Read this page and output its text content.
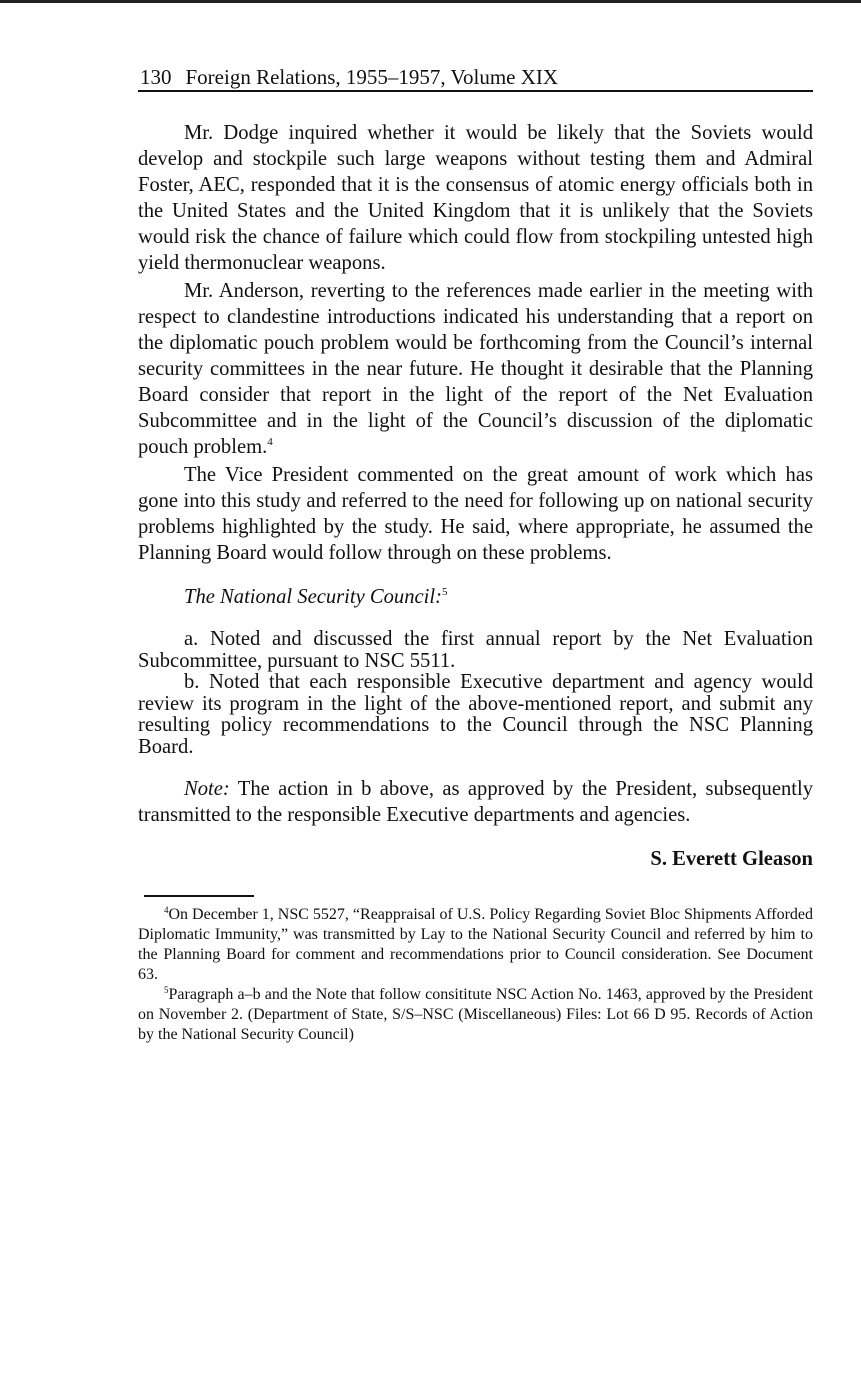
130 Foreign Relations, 1955–1957, Volume XIX

Mr. Dodge inquired whether it would be likely that the Soviets would develop and stockpile such large weapons without testing them and Admiral Foster, AEC, responded that it is the consensus of atomic energy officials both in the United States and the United Kingdom that it is unlikely that the Soviets would risk the chance of failure which could flow from stockpiling untested high yield thermonuclear weapons.

Mr. Anderson, reverting to the references made earlier in the meeting with respect to clandestine introductions indicated his understanding that a report on the diplomatic pouch problem would be forthcoming from the Council’s internal security committees in the near future. He thought it desirable that the Planning Board consider that report in the light of the report of the Net Evaluation Subcommittee and in the light of the Council’s discussion of the diplomatic pouch problem.$^4$

The Vice President commented on the great amount of work which has gone into this study and referred to the need for following up on national security problems highlighted by the study. He said, where appropriate, he assumed the Planning Board would follow through on these problems.

The National Security Council:$^5$

a. Noted and discussed the first annual report by the Net Evaluation Subcommittee, pursuant to NSC 5511.

b. Noted that each responsible Executive department and agency would review its program in the light of the above-mentioned report, and submit any resulting policy recommendations to the Council through the NSC Planning Board.

Note: The action in b above, as approved by the President, subsequently transmitted to the responsible Executive departments and agencies.

S. Everett Gleason

$^4$On December 1, NSC 5527, “Reappraisal of U.S. Policy Regarding Soviet Bloc Shipments Afforded Diplomatic Immunity,” was transmitted by Lay to the National Security Council and referred by him to the Planning Board for comment and recommendations prior to Council consideration. See Document 63.

$^5$Paragraph a–b and the Note that follow consititute NSC Action No. 1463, approved by the President on November 2. (Department of State, S/S–NSC (Miscellaneous) Files: Lot 66 D 95. Records of Action by the National Security Council)
